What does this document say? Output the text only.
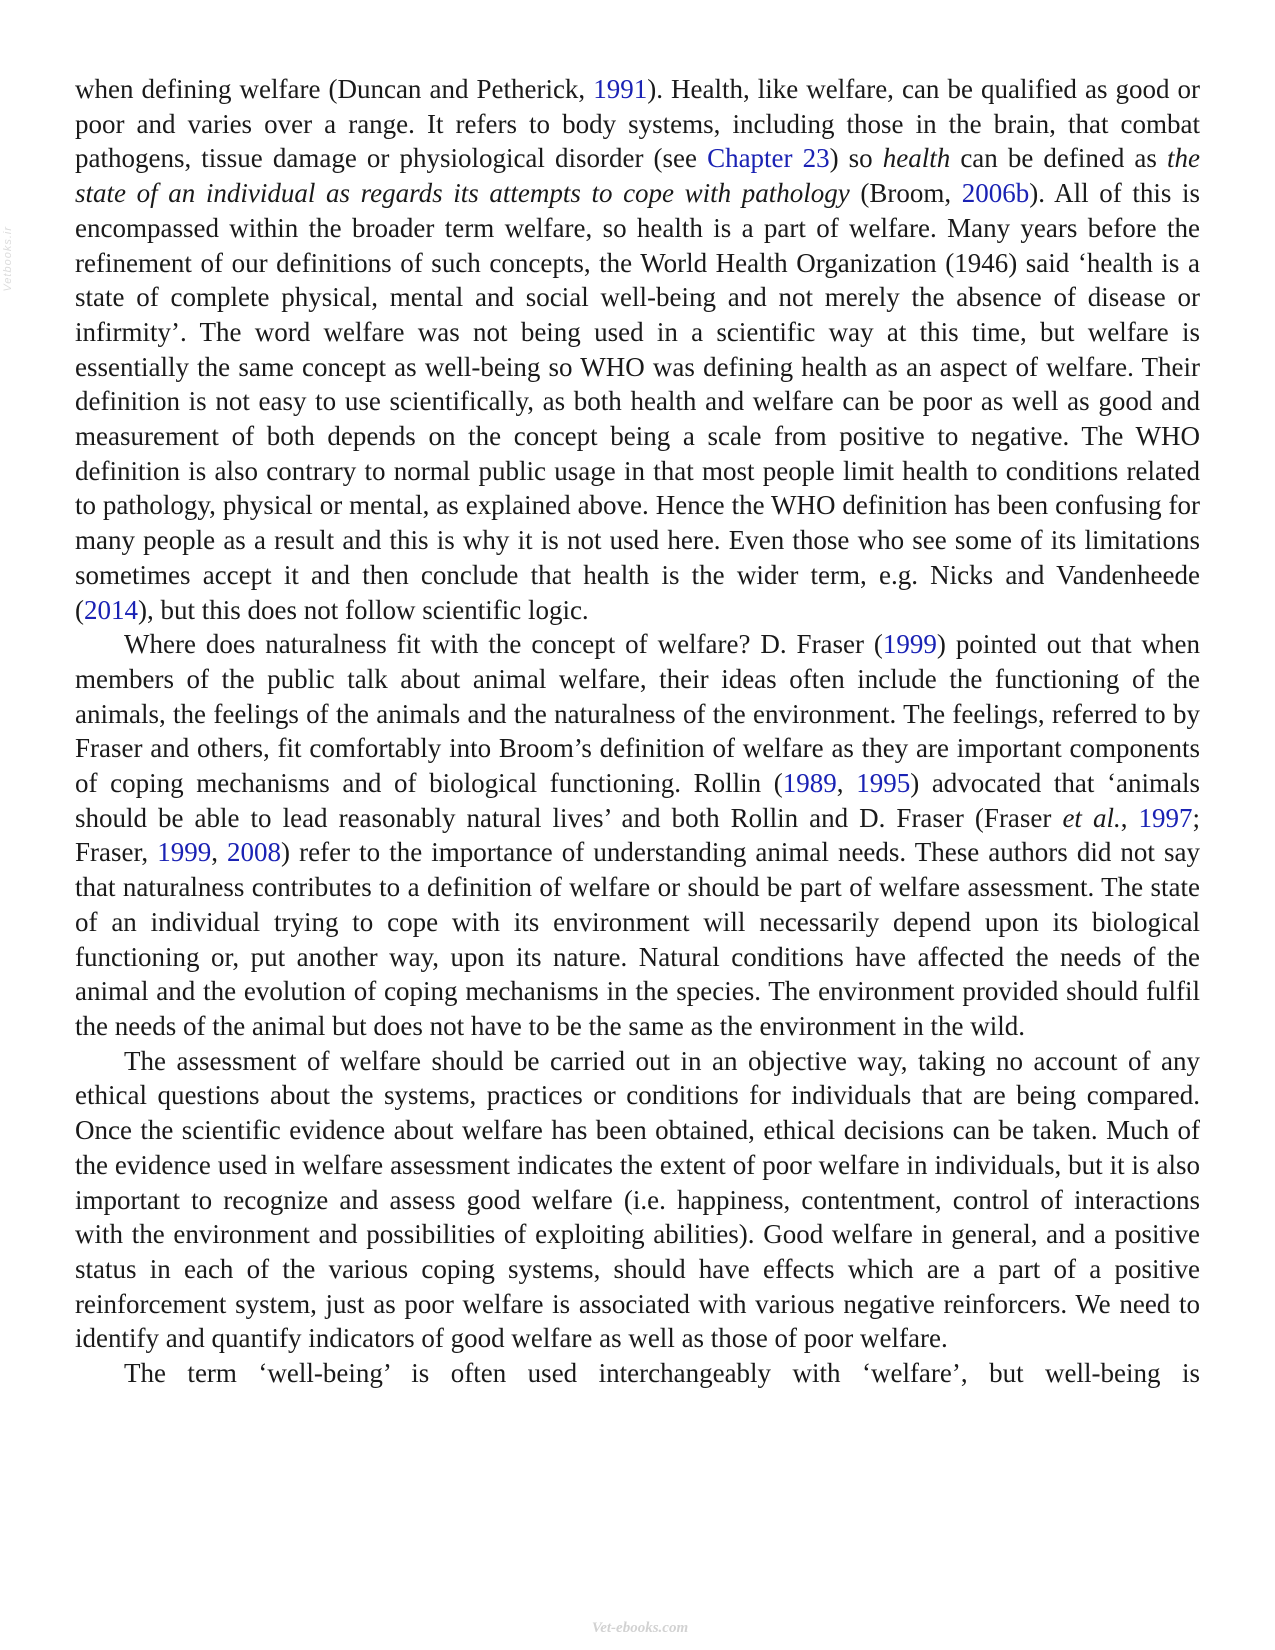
Vetbooks.ir

when defining welfare (Duncan and Petherick, 1991). Health, like welfare, can be qualified as good or poor and varies over a range. It refers to body systems, including those in the brain, that combat pathogens, tissue damage or physiological disorder (see Chapter 23) so health can be defined as the state of an individual as regards its attempts to cope with pathology (Broom, 2006b). All of this is encompassed within the broader term welfare, so health is a part of welfare. Many years before the refinement of our definitions of such concepts, the World Health Organization (1946) said ‘health is a state of complete physical, mental and social well-being and not merely the absence of disease or infirmity’. The word welfare was not being used in a scientific way at this time, but welfare is essentially the same concept as well-being so WHO was defining health as an aspect of welfare. Their definition is not easy to use scientifically, as both health and welfare can be poor as well as good and measurement of both depends on the concept being a scale from positive to negative. The WHO definition is also contrary to normal public usage in that most people limit health to conditions related to pathology, physical or mental, as explained above. Hence the WHO definition has been confusing for many people as a result and this is why it is not used here. Even those who see some of its limitations sometimes accept it and then conclude that health is the wider term, e.g. Nicks and Vandenheede (2014), but this does not follow scientific logic.

Where does naturalness fit with the concept of welfare? D. Fraser (1999) pointed out that when members of the public talk about animal welfare, their ideas often include the functioning of the animals, the feelings of the animals and the naturalness of the environment. The feelings, referred to by Fraser and others, fit comfortably into Broom’s definition of welfare as they are important components of coping mechanisms and of biological functioning. Rollin (1989, 1995) advocated that ‘animals should be able to lead reasonably natural lives’ and both Rollin and D. Fraser (Fraser et al., 1997; Fraser, 1999, 2008) refer to the importance of understanding animal needs. These authors did not say that naturalness contributes to a definition of welfare or should be part of welfare assessment. The state of an individual trying to cope with its environment will necessarily depend upon its biological functioning or, put another way, upon its nature. Natural conditions have affected the needs of the animal and the evolution of coping mechanisms in the species. The environment provided should fulfil the needs of the animal but does not have to be the same as the environment in the wild.

The assessment of welfare should be carried out in an objective way, taking no account of any ethical questions about the systems, practices or conditions for individuals that are being compared. Once the scientific evidence about welfare has been obtained, ethical decisions can be taken. Much of the evidence used in welfare assessment indicates the extent of poor welfare in individuals, but it is also important to recognize and assess good welfare (i.e. happiness, contentment, control of interactions with the environment and possibilities of exploiting abilities). Good welfare in general, and a positive status in each of the various coping systems, should have effects which are a part of a positive reinforcement system, just as poor welfare is associated with various negative reinforcers. We need to identify and quantify indicators of good welfare as well as those of poor welfare.

The term ‘well-being’ is often used interchangeably with ‘welfare’, but well-being is

Vet-ebooks.com
